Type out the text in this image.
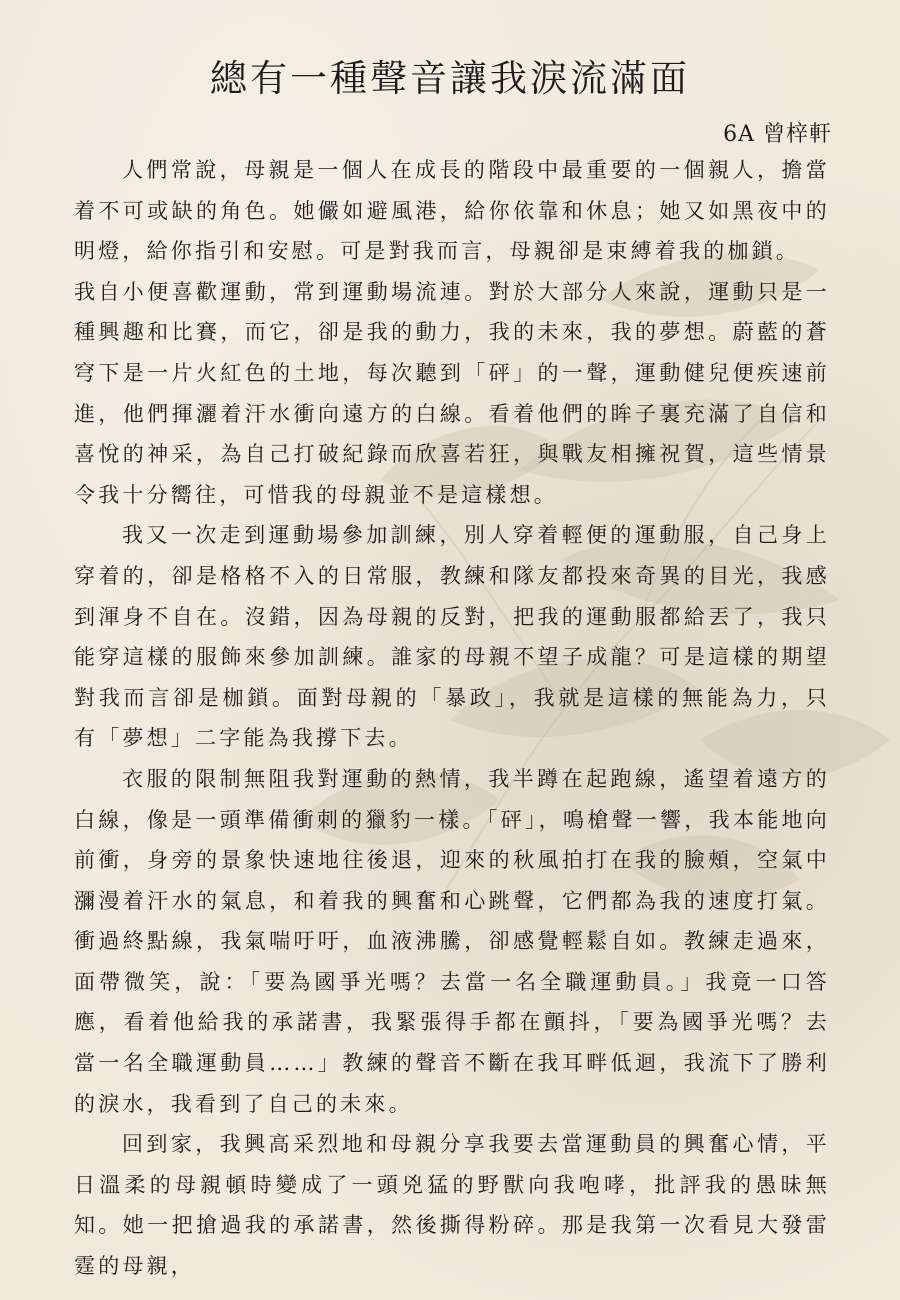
總有一種聲音讓我淚流滿面
6A 曾梓軒

人們常說，母親是一個人在成長的階段中最重要的一個親人，擔當着不可或缺的角色。她儼如避風港，給你依靠和休息；她又如黑夜中的明燈，給你指引和安慰。可是對我而言，母親卻是束縛着我的枷鎖。

我自小便喜歡運動，常到運動場流連。對於大部分人來說，運動只是一種興趣和比賽，而它，卻是我的動力，我的未來，我的夢想。蔚藍的蒼穹下是一片火紅色的土地，每次聽到「砰」的一聲，運動健兒便疾速前進，他們揮灑着汗水衝向遠方的白線。看着他們的眸子裏充滿了自信和喜悅的神采，為自己打破紀錄而欣喜若狂，與戰友相擁祝賀，這些情景令我十分嚮往，可惜我的母親並不是這樣想。

我又一次走到運動場參加訓練，別人穿着輕便的運動服，自己身上穿着的，卻是格格不入的日常服，教練和隊友都投來奇異的目光，我感到渾身不自在。沒錯，因為母親的反對，把我的運動服都給丟了，我只能穿這樣的服飾來參加訓練。誰家的母親不望子成龍？可是這樣的期望對我而言卻是枷鎖。面對母親的「暴政」，我就是這樣的無能為力，只有「夢想」二字能為我撐下去。

衣服的限制無阻我對運動的熱情，我半蹲在起跑線，遙望着遠方的白線，像是一頭準備衝刺的獵豹一樣。「砰」，鳴槍聲一響，我本能地向前衝，身旁的景象快速地往後退，迎來的秋風拍打在我的臉頰，空氣中瀰漫着汗水的氣息，和着我的興奮和心跳聲，它們都為我的速度打氣。衝過終點線，我氣喘吁吁，血液沸騰，卻感覺輕鬆自如。教練走過來，面帶微笑，說：「要為國爭光嗎？去當一名全職運動員。」我竟一口答應，看着他給我的承諾書，我緊張得手都在顫抖，「要為國爭光嗎？去當一名全職運動員……」教練的聲音不斷在我耳畔低迴，我流下了勝利的淚水，我看到了自己的未來。

回到家，我興高采烈地和母親分享我要去當運動員的興奮心情，平日溫柔的母親頓時變成了一頭兇猛的野獸向我咆哮，批評我的愚昧無知。她一把搶過我的承諾書，然後撕得粉碎。那是我第一次看見大發雷霆的母親，
